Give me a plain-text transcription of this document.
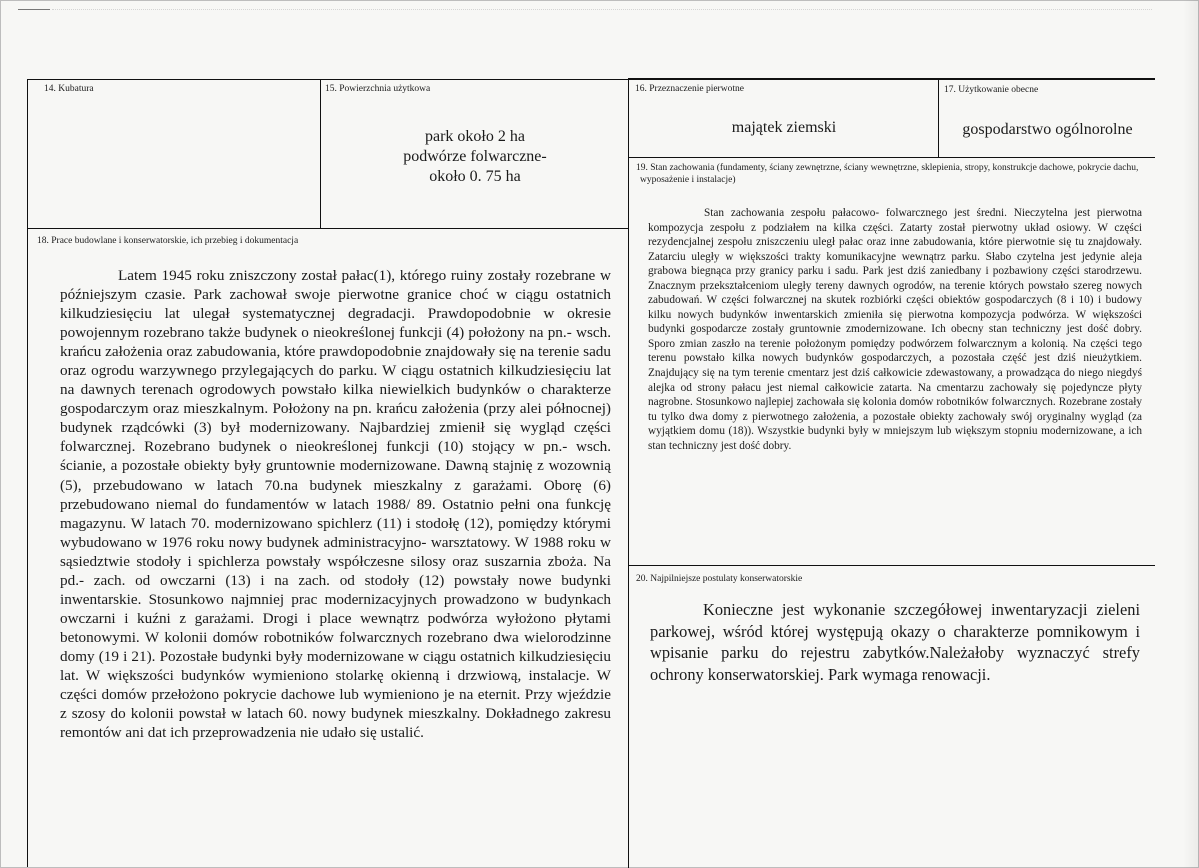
14. Kubatura	15. Powierzchnia użytkowa
park około 2 ha
podwórze folwarczne-
około 0. 75 ha
16. Przeznaczenie pierwotne
majątek ziemski
17. Użytkowanie obecne
gospodarstwo ogólnorolne
19. Stan zachowania (fundamenty, ściany zewnętrzne, ściany wewnętrzne, sklepienia, stropy, konstrukcje dachowe, pokrycie dachu, wyposażenie i instalacje)

Stan zachowania zespołu pałacowo- folwarcznego jest średni. Nieczytelna jest pierwotna kompozycja zespołu z podziałem na kilka części. Zatarty został pierwotny układ osiowy. W części rezydencjalnej zespołu zniszczeniu uległ pałac oraz inne zabudowania, które pierwotnie się tu znajdowały. Zatarciu uległy w większości trakty komunikacyjne wewnątrz parku. Słabo czytelna jest jedynie aleja grabowa biegnąca przy granicy parku i sadu. Park jest dziś zaniedbany i pozbawiony części starodrzewu. Znacznym przekształceniom uległy tereny dawnych ogrodów, na terenie których powstało szereg nowych zabudowań. W części folwarcznej na skutek rozbiórki części obiektów gospodarczych (8 i 10) i budowy kilku nowych budynków inwentarskich zmieniła się pierwotna kompozycja podwórza. W większości budynki gospodarcze zostały gruntownie zmodernizowane. Ich obecny stan techniczny jest dość dobry. Sporo zmian zaszło na terenie położonym pomiędzy podwórzem folwarcznym a kolonią. Na części tego terenu powstało kilka nowych budynków gospodarczych, a pozostała część jest dziś nieużytkiem. Znajdujący się na tym terenie cmentarz jest dziś całkowicie zdewastowany, a prowadząca do niego niegdyś alejka od strony pałacu jest niemal całkowicie zatarta. Na cmentarzu zachowały się pojedyncze płyty nagrobne. Stosunkowo najlepiej zachowała się kolonia domów robotników folwarcznych. Rozebrane zostały tu tylko dwa domy z pierwotnego założenia, a pozostałe obiekty zachowały swój oryginalny wygląd (za wyjątkiem domu (18)). Wszystkie budynki były w mniejszym lub większym stopniu modernizowane, a ich stan techniczny jest dość dobry.

18. Prace budowlane i konserwatorskie, ich przebieg i dokumentacja

Latem 1945 roku zniszczony został pałac(1), którego ruiny zostały rozebrane w późniejszym czasie. Park zachował swoje pierwotne granice choć w ciągu ostatnich kilkudziesięciu lat ulegał systematycznej degradacji. Prawdopodobnie w okresie powojennym rozebrano także budynek o nieokreślonej funkcji (4) położony na pn.- wsch. krańcu założenia oraz zabudowania, które prawdopodobnie znajdowały się na terenie sadu oraz ogrodu warzywnego przylegających do parku. W ciągu ostatnich kilkudziesięciu lat na dawnych terenach ogrodowych powstało kilka niewielkich budynków o charakterze gospodarczym oraz mieszkalnym. Położony na pn. krańcu założenia (przy alei północnej) budynek rządcówki (3) był modernizowany. Najbardziej zmienił się wygląd części folwarcznej. Rozebrano budynek o nieokreślonej funkcji (10) stojący w pn.- wsch. ścianie, a pozostałe obiekty były gruntownie modernizowane. Dawną stajnię z wozownią (5), przebudowano w latach 70.na budynek mieszkalny z garażami. Oborę (6) przebudowano niemal do fundamentów w latach 1988/ 89. Ostatnio pełni ona funkcję magazynu. W latach 70. modernizowano spichlerz (11) i stodołę (12), pomiędzy którymi wybudowano w 1976 roku nowy budynek administracyjno- warsztatowy. W 1988 roku w sąsiedztwie stodoły i spichlerza powstały współczesne silosy oraz suszarnia zboża. Na pd.- zach. od owczarni (13) i na zach. od stodoły (12) powstały nowe budynki inwentarskie. Stosunkowo najmniej prac modernizacyjnych prowadzono w budynkach owczarni i kuźni z garażami. Drogi i place wewnątrz podwórza wyłożono płytami betonowymi. W kolonii domów robotników folwarcznych rozebrano dwa wielorodzinne domy (19 i 21). Pozostałe budynki były modernizowane w ciągu ostatnich kilkudziesięciu lat. W większości budynków wymieniono stolarkę okienną i drzwiową, instalacje. W części domów przełożono pokrycie dachowe lub wymieniono je na eternit. Przy wjeździe z szosy do kolonii powstał w latach 60. nowy budynek mieszkalny. Dokładnego zakresu remontów ani dat ich przeprowadzenia nie udało się ustalić.

20. Najpilniejsze postulaty konserwatorskie

Konieczne jest wykonanie szczegółowej inwentaryzacji zieleni parkowej, wśród której występują okazy o charakterze pomnikowym i wpisanie parku do rejestru zabytków.Należałoby wyznaczyć strefy ochrony konserwatorskiej. Park wymaga renowacji.
